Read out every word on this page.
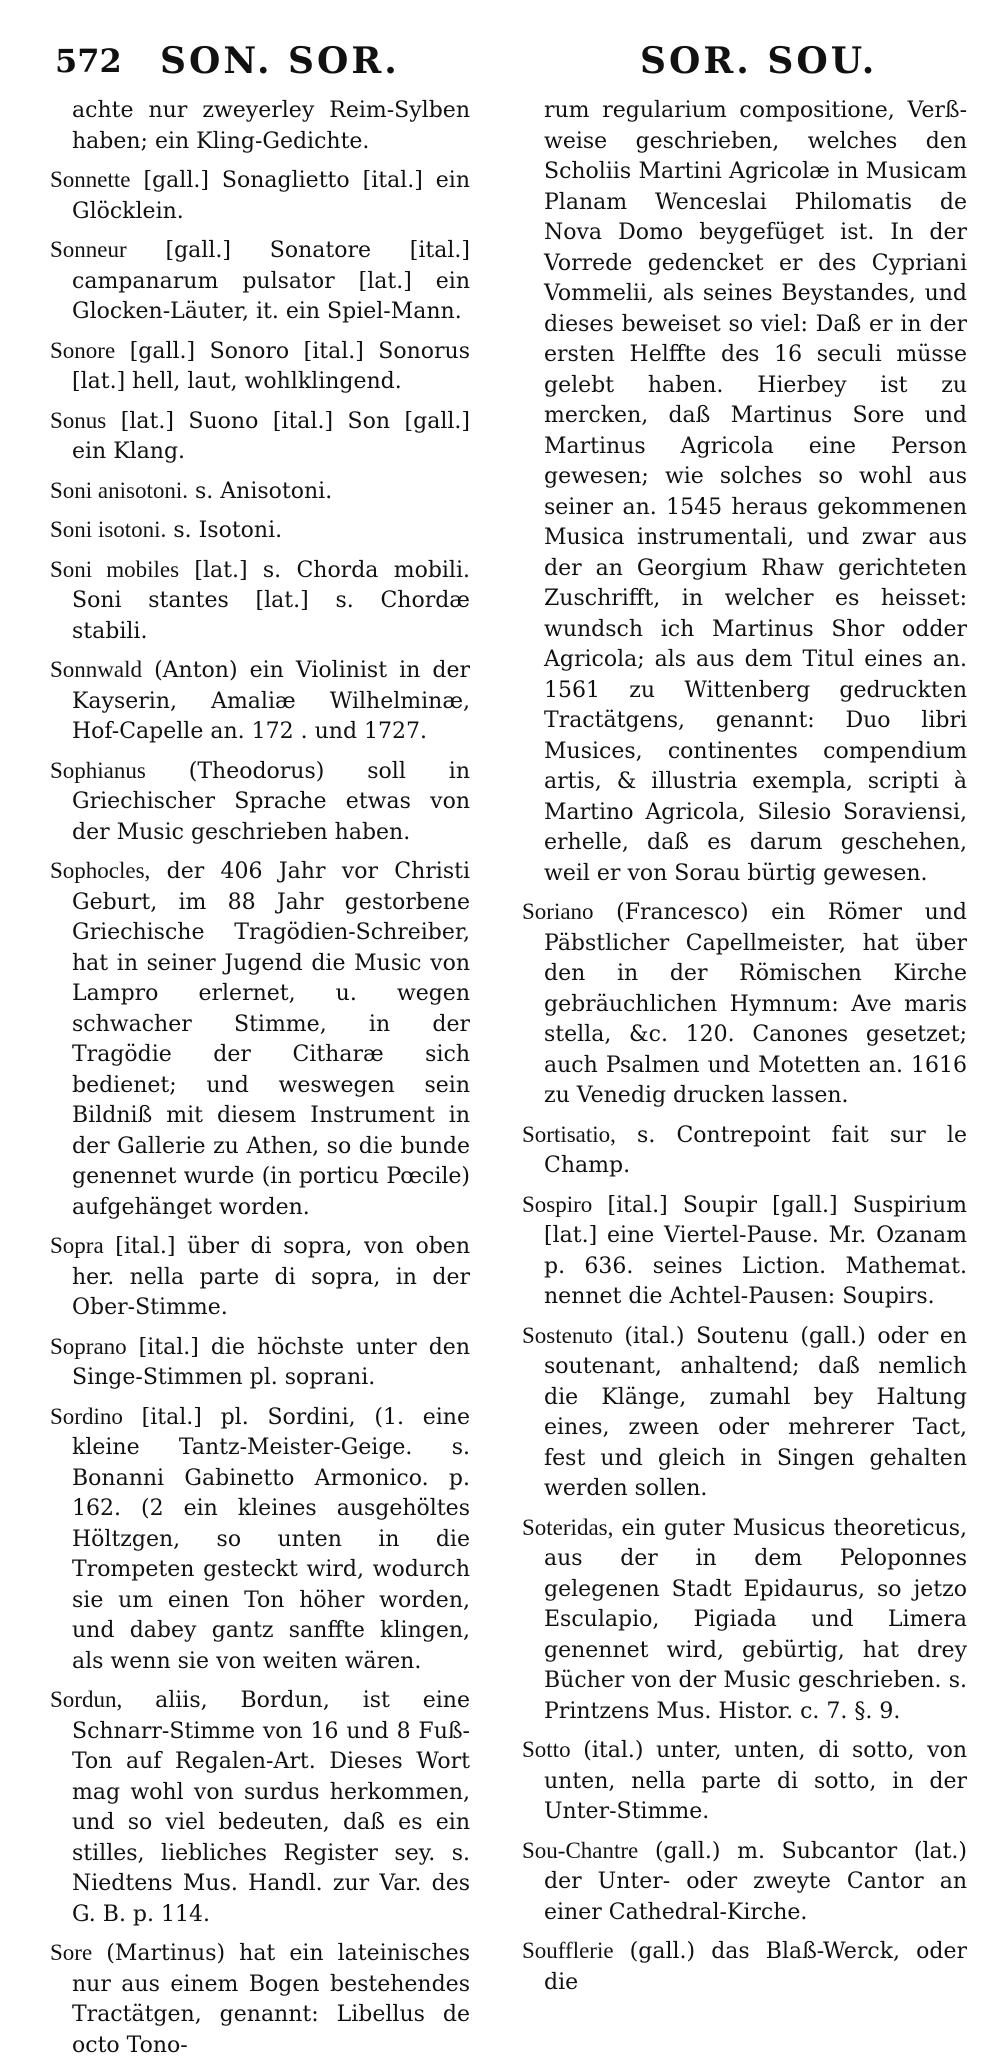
572 SON. SOR.	SOR. SOU.

achte nur zweyerley Reim-Sylben haben; ein Kling-Gedichte.

Sonnette [gall.] Sonaglietto [ital.] ein Glöcklein.

Sonneur [gall.] Sonatore [ital.] campanarum pulsator [lat.] ein Glocken-Läuter, it. ein Spiel-Mann.

Sonore [gall.] Sonoro [ital.] Sonorus [lat.] hell, laut, wohlklingend.

Sonus [lat.] Suono [ital.] Son [gall.] ein Klang.

Soni anisotoni. s. Anisotoni.

Soni isotoni. s. Isotoni.

Soni mobiles [lat.] s. Chorda mobili. Soni stantes [lat.] s. Chordæ stabili.

Sonnwald (Anton) ein Violinist in der Kayserin, Amaliæ Wilhelminæ, Hof-Capelle an. 172 . und 1727.

Sophianus (Theodorus) soll in Griechischer Sprache etwas von der Music geschrieben haben.

Sophocles, der 406 Jahr vor Christi Geburt, im 88 Jahr gestorbene Griechische Tragödien-Schreiber, hat in seiner Jugend die Music von Lampro erlernet, u. wegen schwacher Stimme, in der Tragödie der Citharæ sich bedienet; und weswegen sein Bildniß mit diesem Instrument in der Gallerie zu Athen, so die bunde genennet wurde (in porticu Pœcile) aufgehänget worden.

Sopra [ital.] über di sopra, von oben her. nella parte di sopra, in der Ober-Stimme.

Soprano [ital.] die höchste unter den Singe-Stimmen pl. soprani.

Sordino [ital.] pl. Sordini, (1. eine kleine Tantz-Meister-Geige. s. Bonanni Gabinetto Armonico. p. 162. (2 ein kleines ausgehöltes Höltzgen, so unten in die Trompeten gesteckt wird, wodurch sie um einen Ton höher worden, und dabey gantz sanffte klingen, als wenn sie von weiten wären.

Sordun, aliis, Bordun, ist eine Schnarr-Stimme von 16 und 8 Fuß-Ton auf Regalen-Art. Dieses Wort mag wohl von surdus herkommen, und so viel bedeuten, daß es ein stilles, liebliches Register sey. s. Niedtens Mus. Handl. zur Var. des G. B. p. 114.

Sore (Martinus) hat ein lateinisches nur aus einem Bogen bestehendes Tractätgen, genannt: Libellus de octo Tono-

rum regularium compositione, Verß-weise geschrieben, welches den Scholiis Martini Agricolæ in Musicam Planam Wenceslai Philomatis de Nova Domo beygefüget ist. In der Vorrede gedencket er des Cypriani Vommelii, als seines Beystandes, und dieses beweiset so viel: Daß er in der ersten Helffte des 16 seculi müsse gelebt haben. Hierbey ist zu mercken, daß Martinus Sore und Martinus Agricola eine Person gewesen; wie solches so wohl aus seiner an. 1545 heraus gekommenen Musica instrumentali, und zwar aus der an Georgium Rhaw gerichteten Zuschrifft, in welcher es heisset: wundsch ich Martinus Shor odder Agricola; als aus dem Titul eines an. 1561 zu Wittenberg gedruckten Tractätgens, genannt: Duo libri Musices, continentes compendium artis, & illustria exempla, scripti à Martino Agricola, Silesio Soraviensi, erhelle, daß es darum geschehen, weil er von Sorau bürtig gewesen.

Soriano (Francesco) ein Römer und Päbstlicher Capellmeister, hat über den in der Römischen Kirche gebräuchlichen Hymnum: Ave maris stella, &c. 120. Canones gesetzet; auch Psalmen und Motetten an. 1616 zu Venedig drucken lassen.

Sortisatio, s. Contrepoint fait sur le Champ.

Sospiro [ital.] Soupir [gall.] Suspirium [lat.] eine Viertel-Pause. Mr. Ozanam p. 636. seines Liction. Mathemat. nennet die Achtel-Pausen: Soupirs.

Sostenuto (ital.) Soutenu (gall.) oder en soutenant, anhaltend; daß nemlich die Klänge, zumahl bey Haltung eines, zween oder mehrerer Tact, fest und gleich in Singen gehalten werden sollen.

Soteridas, ein guter Musicus theoreticus, aus der in dem Peloponnes gelegenen Stadt Epidaurus, so jetzo Esculapio, Pigiada und Limera genennet wird, gebürtig, hat drey Bücher von der Music geschrieben. s. Printzens Mus. Histor. c. 7. §. 9.

Sotto (ital.) unter, unten, di sotto, von unten, nella parte di sotto, in der Unter-Stimme.

Sou-Chantre (gall.) m. Subcantor (lat.) der Unter- oder zweyte Cantor an einer Cathedral-Kirche.

Soufflerie (gall.) das Blaß-Werck, oder die
